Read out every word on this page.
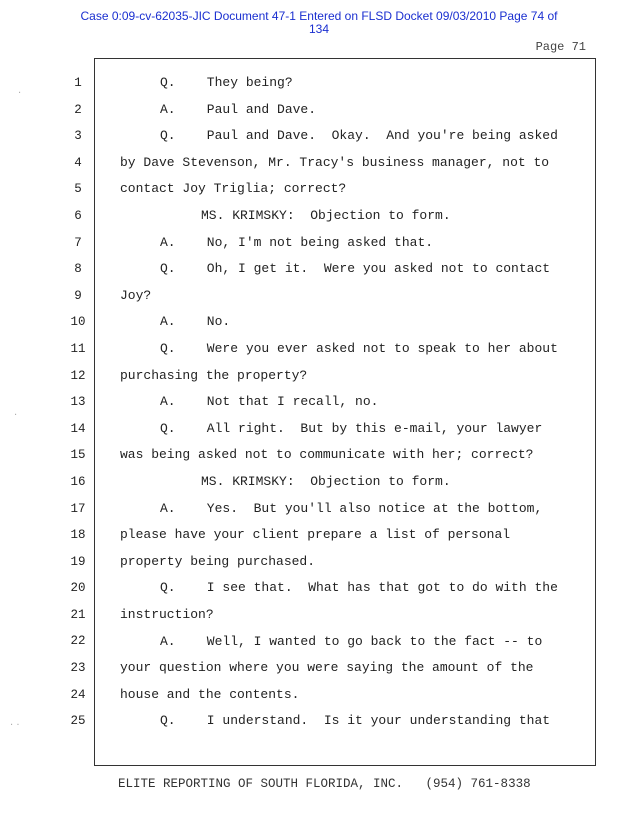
Case 0:09-cv-62035-JIC Document 47-1 Entered on FLSD Docket 09/03/2010 Page 74 of
134
Page 71
1
2
3
4
5
6
7
8
9
10
11
12
13
14
15
16
17
18
19
20
21
22
23
24
25
Q.    They being?
A.    Paul and Dave.
Q.    Paul and Dave.  Okay.  And you're being asked
by Dave Stevenson, Mr. Tracy's business manager, not to
contact Joy Triglia; correct?
MS. KRIMSKY:  Objection to form.
A.    No, I'm not being asked that.
Q.    Oh, I get it.  Were you asked not to contact
Joy?
A.    No.
Q.    Were you ever asked not to speak to her about
purchasing the property?
A.    Not that I recall, no.
Q.    All right.  But by this e-mail, your lawyer
was being asked not to communicate with her; correct?
MS. KRIMSKY:  Objection to form.
A.    Yes.  But you'll also notice at the bottom,
please have your client prepare a list of personal
property being purchased.
Q.    I see that.  What has that got to do with the
instruction?
A.    Well, I wanted to go back to the fact -- to
your question where you were saying the amount of the
house and the contents.
Q.    I understand.  Is it your understanding that
ELITE REPORTING OF SOUTH FLORIDA, INC.   (954) 761-8338
·
·
· ·
